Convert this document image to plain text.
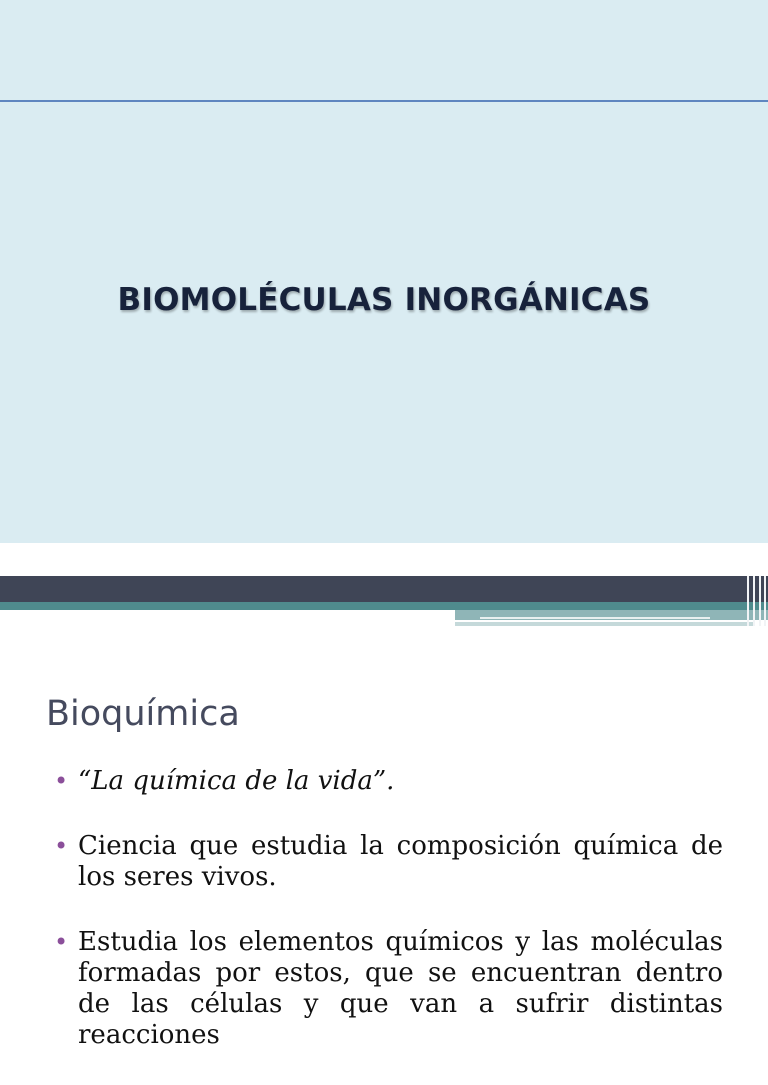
BIOMOLÉCULAS INORGÁNICAS
Bioquímica
• “La química de la vida”.
• Ciencia que estudia la composición química de los seres vivos.
• Estudia los elementos químicos y las moléculas formadas por estos, que se encuentran dentro de las células y que van a sufrir distintas reacciones
